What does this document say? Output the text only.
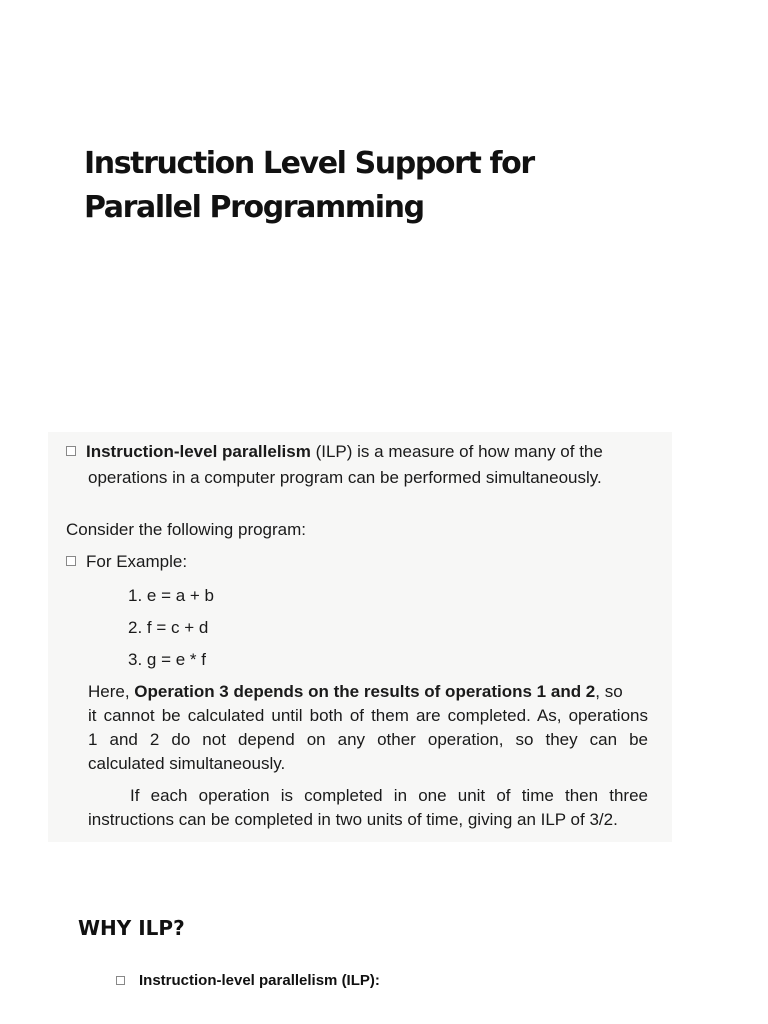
Instruction Level Support for
Parallel Programming
Instruction-level parallelism (ILP) is a measure of how many of the
operations in a computer program can be performed simultaneously.
Consider the following program:
For Example:
1. e = a + b
2. f = c + d
3. g = e * f
Here, Operation 3 depends on the results of operations 1 and 2, so
it cannot be calculated until both of them are completed. As, operations
1 and 2 do not depend on any other operation, so they can be
calculated simultaneously.
If each operation is completed in one unit of time then three
instructions can be completed in two units of time, giving an ILP of 3/2.
WHY ILP?
Instruction-level parallelism (ILP):
